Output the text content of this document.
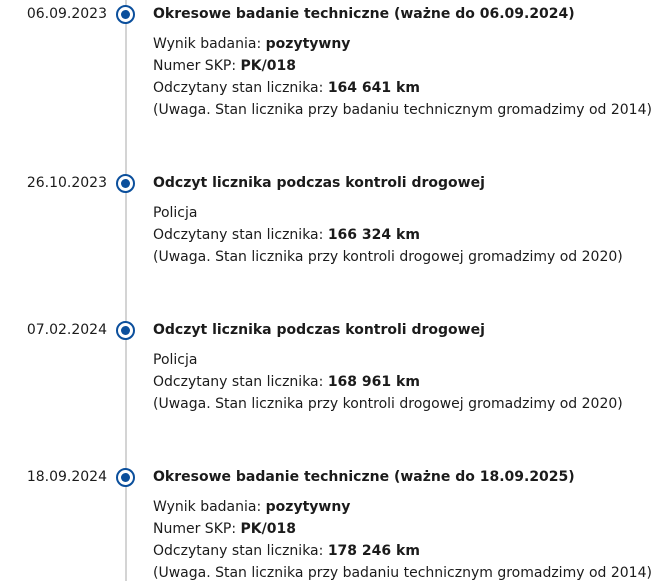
06.09.2023	Okresowe badanie techniczne (ważne do 06.09.2024)
Wynik badania: pozytywny
Numer SKP: PK/018
Odczytany stan licznika: 164 641 km
(Uwaga. Stan licznika przy badaniu technicznym gromadzimy od 2014)
26.10.2023	Odczyt licznika podczas kontroli drogowej
Policja
Odczytany stan licznika: 166 324 km
(Uwaga. Stan licznika przy kontroli drogowej gromadzimy od 2020)
07.02.2024	Odczyt licznika podczas kontroli drogowej
Policja
Odczytany stan licznika: 168 961 km
(Uwaga. Stan licznika przy kontroli drogowej gromadzimy od 2020)
18.09.2024	Okresowe badanie techniczne (ważne do 18.09.2025)
Wynik badania: pozytywny
Numer SKP: PK/018
Odczytany stan licznika: 178 246 km
(Uwaga. Stan licznika przy badaniu technicznym gromadzimy od 2014)
